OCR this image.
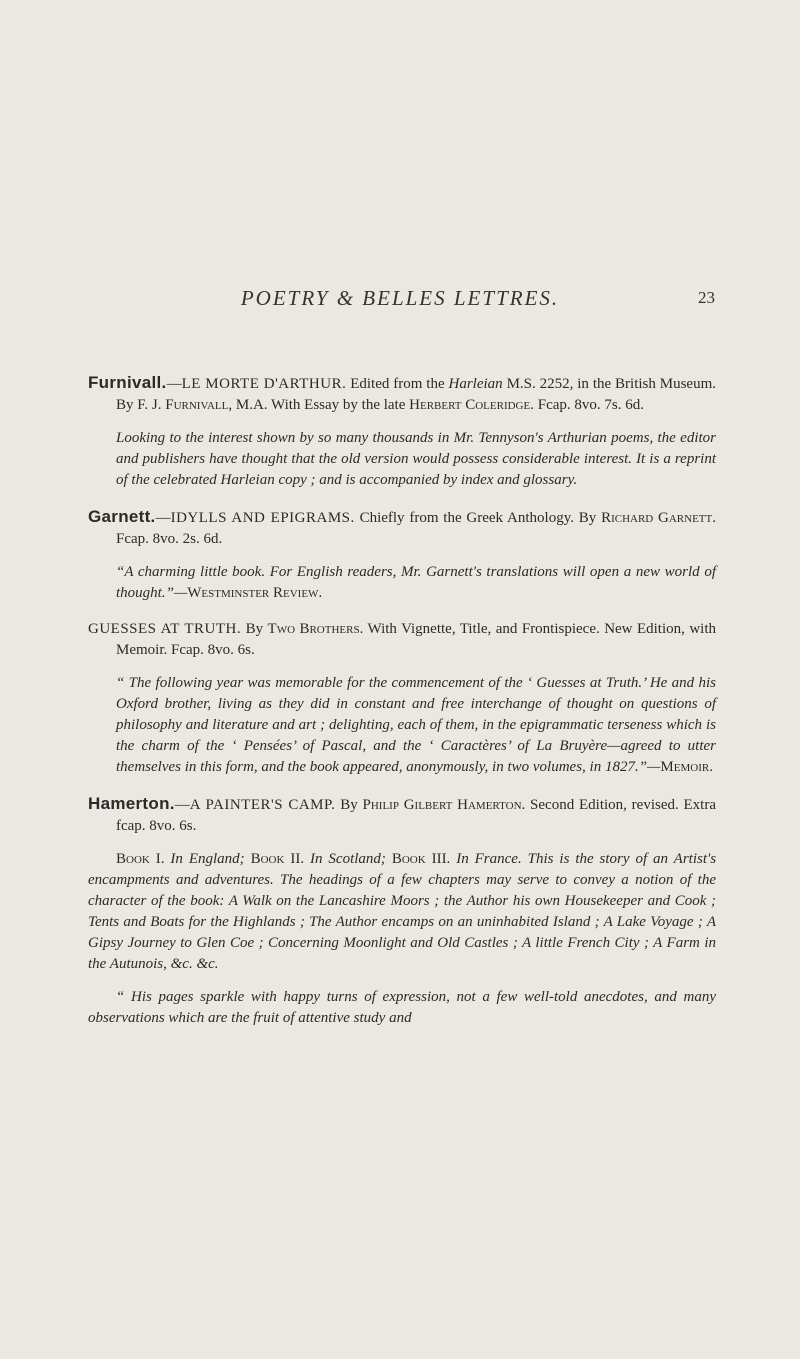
POETRY & BELLES LETTRES.	23

Furnivall.—LE MORTE D'ARTHUR. Edited from the Harleian M.S. 2252, in the British Museum. By F. J. Furnivall, M.A. With Essay by the late Herbert Coleridge. Fcap. 8vo. 7s. 6d.

Looking to the interest shown by so many thousands in Mr. Tennyson's Arthurian poems, the editor and publishers have thought that the old version would possess considerable interest. It is a reprint of the celebrated Harleian copy ; and is accompanied by index and glossary.

Garnett.—IDYLLS AND EPIGRAMS. Chiefly from the Greek Anthology. By Richard Garnett. Fcap. 8vo. 2s. 6d.

“A charming little book. For English readers, Mr. Garnett's translations will open a new world of thought.”—Westminster Review.

GUESSES AT TRUTH. By Two Brothers. With Vignette, Title, and Frontispiece. New Edition, with Memoir. Fcap. 8vo. 6s.

“ The following year was memorable for the commencement of the ‘ Guesses at Truth.’ He and his Oxford brother, living as they did in constant and free interchange of thought on questions of philosophy and literature and art ; delighting, each of them, in the epigrammatic terseness which is the charm of the ‘ Pensées’ of Pascal, and the ‘ Caractères’ of La Bruyère—agreed to utter themselves in this form, and the book appeared, anonymously, in two volumes, in 1827.”—Memoir.

Hamerton.—A PAINTER'S CAMP. By Philip Gilbert Hamerton. Second Edition, revised. Extra fcap. 8vo. 6s.

Book I. In England; Book II. In Scotland; Book III. In France. This is the story of an Artist's encampments and adventures. The headings of a few chapters may serve to convey a notion of the character of the book: A Walk on the Lancashire Moors ; the Author his own Housekeeper and Cook ; Tents and Boats for the Highlands ; The Author encamps on an uninhabited Island ; A Lake Voyage ; A Gipsy Journey to Glen Coe ; Concerning Moonlight and Old Castles ; A little French City ; A Farm in the Autunois, &c. &c.

“ His pages sparkle with happy turns of expression, not a few well-told anecdotes, and many observations which are the fruit of attentive study and
